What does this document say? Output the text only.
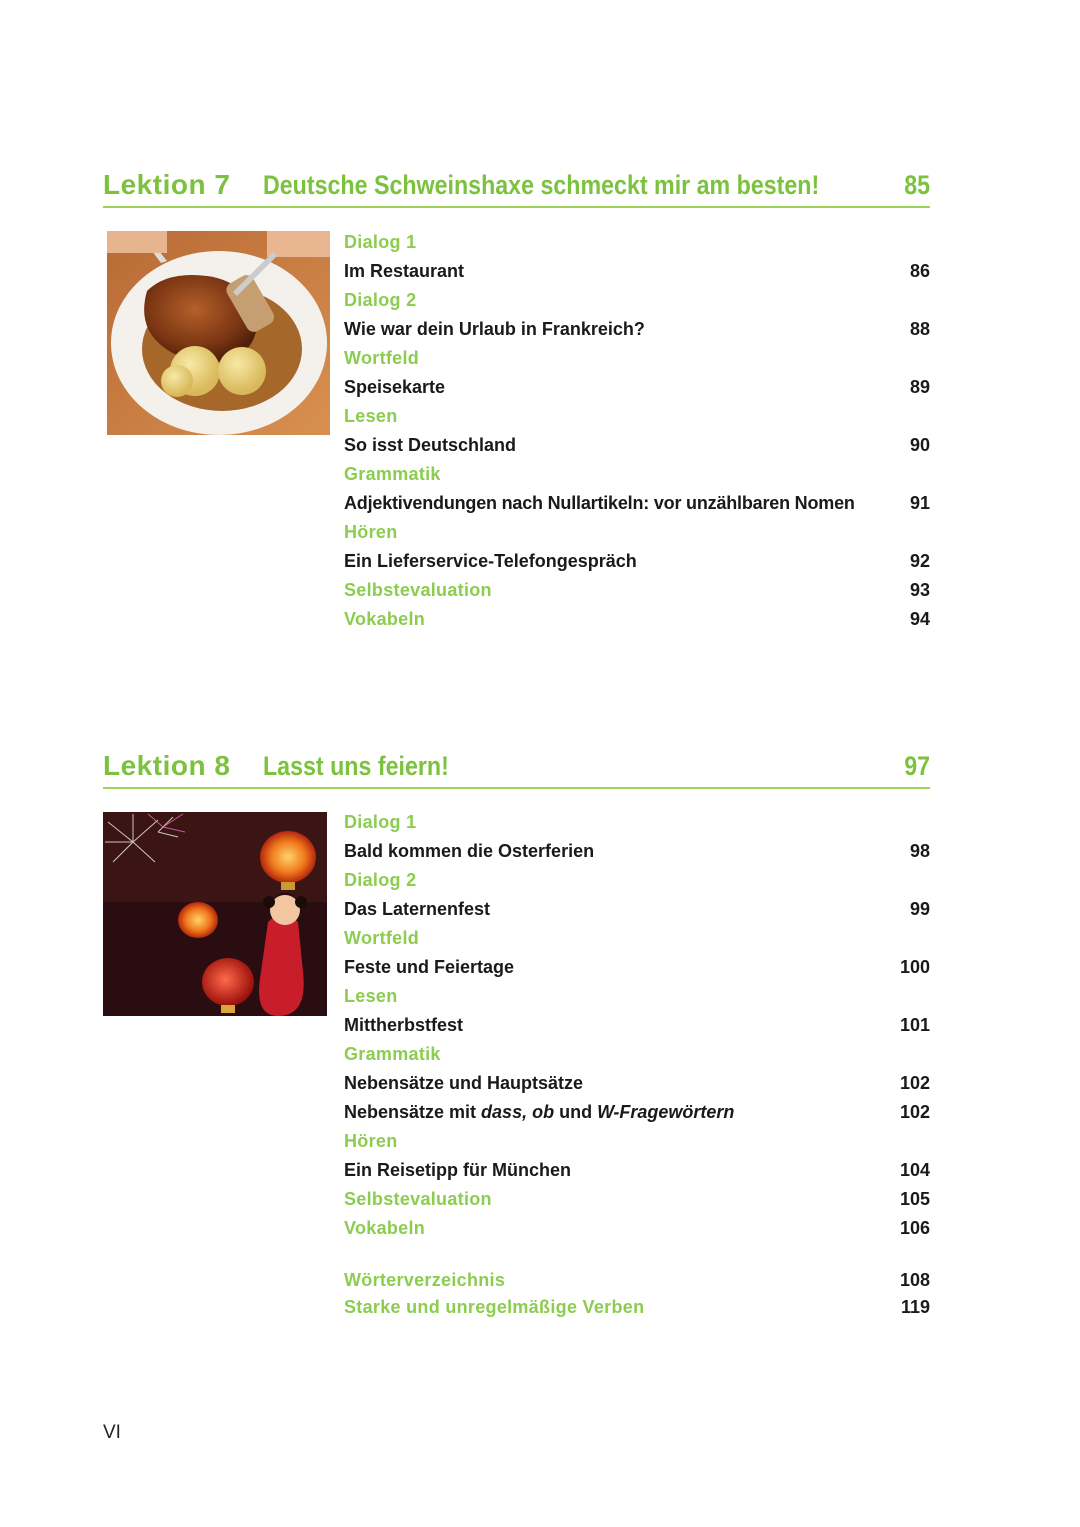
Lektion 7 Deutsche Schweinshaxe schmeckt mir am besten!	85
Dialog 1
Im Restaurant	86
Dialog 2
Wie war dein Urlaub in Frankreich?	88
Wortfeld
Speisekarte	89
Lesen
So isst Deutschland	90
Grammatik
Adjektivendungen nach Nullartikeln: vor unzählbaren Nomen	91
Hören
Ein Lieferservice-Telefongespräch	92
Selbstevaluation	93
Vokabeln	94
Lektion 8 Lasst uns feiern!	97
Dialog 1
Bald kommen die Osterferien	98
Dialog 2
Das Laternenfest	99
Wortfeld
Feste und Feiertage	100
Lesen
Mittherbstfest	101
Grammatik
Nebensätze und Hauptsätze	102
Nebensätze mit dass, ob und W-Fragewörtern	102
Hören
Ein Reisetipp für München	104
Selbstevaluation	105
Vokabeln	106
Wörterverzeichnis	108
Starke und unregelmäßige Verben	119
VI
